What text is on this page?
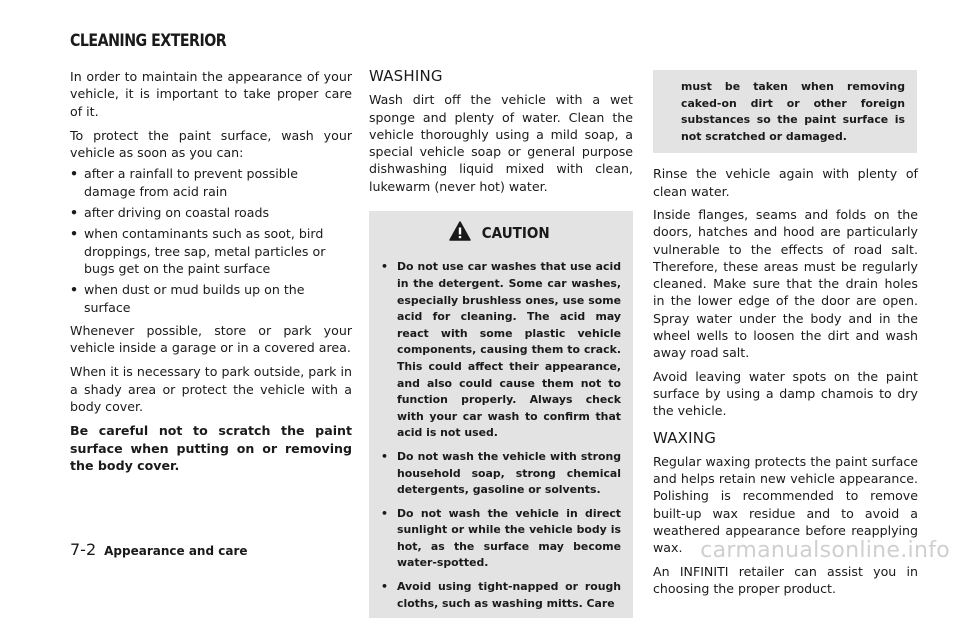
CLEANING EXTERIOR

In order to maintain the appearance of your vehicle, it is important to take proper care of it.

To protect the paint surface, wash your vehicle as soon as you can:

• after a rainfall to prevent possible damage from acid rain
• after driving on coastal roads
• when contaminants such as soot, bird droppings, tree sap, metal particles or bugs get on the paint surface
• when dust or mud builds up on the surface

Whenever possible, store or park your vehicle inside a garage or in a covered area.

When it is necessary to park outside, park in a shady area or protect the vehicle with a body cover.

Be careful not to scratch the paint surface when putting on or removing the body cover.

WASHING

Wash dirt off the vehicle with a wet sponge and plenty of water. Clean the vehicle thoroughly using a mild soap, a special vehicle soap or general purpose dishwashing liquid mixed with clean, lukewarm (never hot) water.

CAUTION
• Do not use car washes that use acid in the detergent. Some car washes, especially brushless ones, use some acid for cleaning. The acid may react with some plastic vehicle components, causing them to crack. This could affect their appearance, and also could cause them not to function properly. Always check with your car wash to confirm that acid is not used.
• Do not wash the vehicle with strong household soap, strong chemical detergents, gasoline or solvents.
• Do not wash the vehicle in direct sunlight or while the vehicle body is hot, as the surface may become water-spotted.
• Avoid using tight-napped or rough cloths, such as washing mitts. Care
must be taken when removing caked-on dirt or other foreign substances so the paint surface is not scratched or damaged.

Rinse the vehicle again with plenty of clean water.

Inside flanges, seams and folds on the doors, hatches and hood are particularly vulnerable to the effects of road salt. Therefore, these areas must be regularly cleaned. Make sure that the drain holes in the lower edge of the door are open. Spray water under the body and in the wheel wells to loosen the dirt and wash away road salt.

Avoid leaving water spots on the paint surface by using a damp chamois to dry the vehicle.

WAXING

Regular waxing protects the paint surface and helps retain new vehicle appearance. Polishing is recommended to remove built-up wax residue and to avoid a weathered appearance before reapplying wax.

An INFINITI retailer can assist you in choosing the proper product.

7-2 Appearance and care	carmanualsonline.info
